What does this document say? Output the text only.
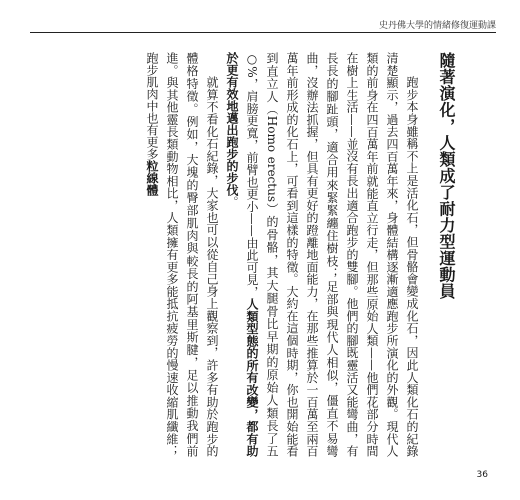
史丹佛大學的情緒修復運動課
隨著演化，人類成了耐力型運動員

跑步本身雖稱不上是活化石，但骨骼會變成化石，因此人類化石的紀錄清楚顯示，過去四百萬年來，身體結構逐漸適應跑步所演化的外觀。現代人類的前身在四百萬年前就能直立行走，但那些原始人類——他們花部分時間在樹上生活——並沒有長出適合跑步的雙腳。他們的腳既靈活又能彎曲，有長長的腳趾頭，適合用來緊緊纏住樹枝；足部與現代人相似，僵直不易彎曲，沒辦法抓握，但具有更好的蹬離地面能力，在那些推算於一百萬至兩百萬年前形成的化石上，可看到這樣的特徵。大約在這個時期，你也開始能看到直立人（Homo erectus）的骨骼，其大腿骨比早期的原始人類長了五○%，肩膀更寬，前臂也更小——由此可見，人類型態的所有改變，都有助於更有效地邁出跑步的步伐。

就算不看化石紀錄，大家也可以從自己身上觀察到，許多有助於跑步的體格特徵。例如，大塊的臀部肌肉與較長的阿基里斯腱，足以推動我們前進。與其他靈長類動物相比，人類擁有更多能抵抗疲勞的慢速收縮肌纖維；跑步肌肉中也有更多粒線體

36
